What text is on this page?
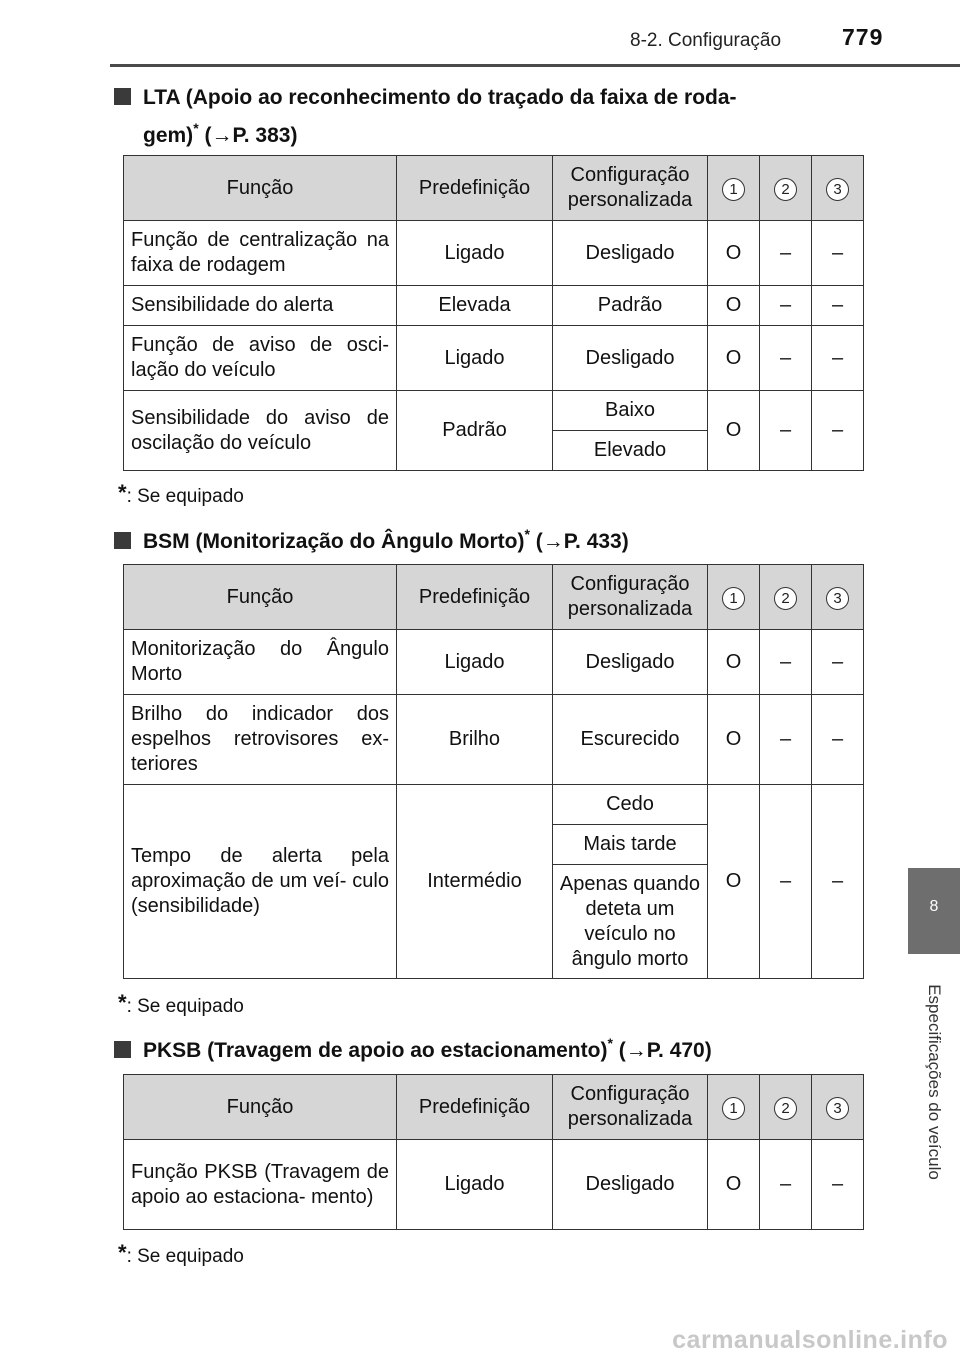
8-2. Configuração	779
8
Especificações do veículo
LTA (Apoio ao reconhecimento do traçado da faixa de roda-
gem)* (→P. 383)
Função	Predefinição	Configuração personalizada	1	2	3
Função de centralização na faixa de rodagem	Ligado	Desligado	O	–	–
Sensibilidade do alerta	Elevada	Padrão	O	–	–
Função de aviso de osci- lação do veículo	Ligado	Desligado	O	–	–
Sensibilidade do aviso de oscilação do veículo	Padrão	Baixo	O	–	–
		Elevado			
*: Se equipado
BSM (Monitorização do Ângulo Morto)* (→P. 433)
Função	Predefinição	Configuração personalizada	1	2	3
Monitorização do Ângulo Morto	Ligado	Desligado	O	–	–
Brilho do indicador dos espelhos retrovisores ex- teriores	Brilho	Escurecido	O	–	–
Tempo de alerta pela aproximação de um veí- culo (sensibilidade)	Intermédio	Cedo	O	–	–
		Mais tarde			
		Apenas quando deteta um veículo no ângulo morto			
*: Se equipado
PKSB (Travagem de apoio ao estacionamento)* (→P. 470)
Função	Predefinição	Configuração personalizada	1	2	3
Função PKSB (Travagem de apoio ao estaciona- mento)	Ligado	Desligado	O	–	–
*: Se equipado
carmanualsonline.info
